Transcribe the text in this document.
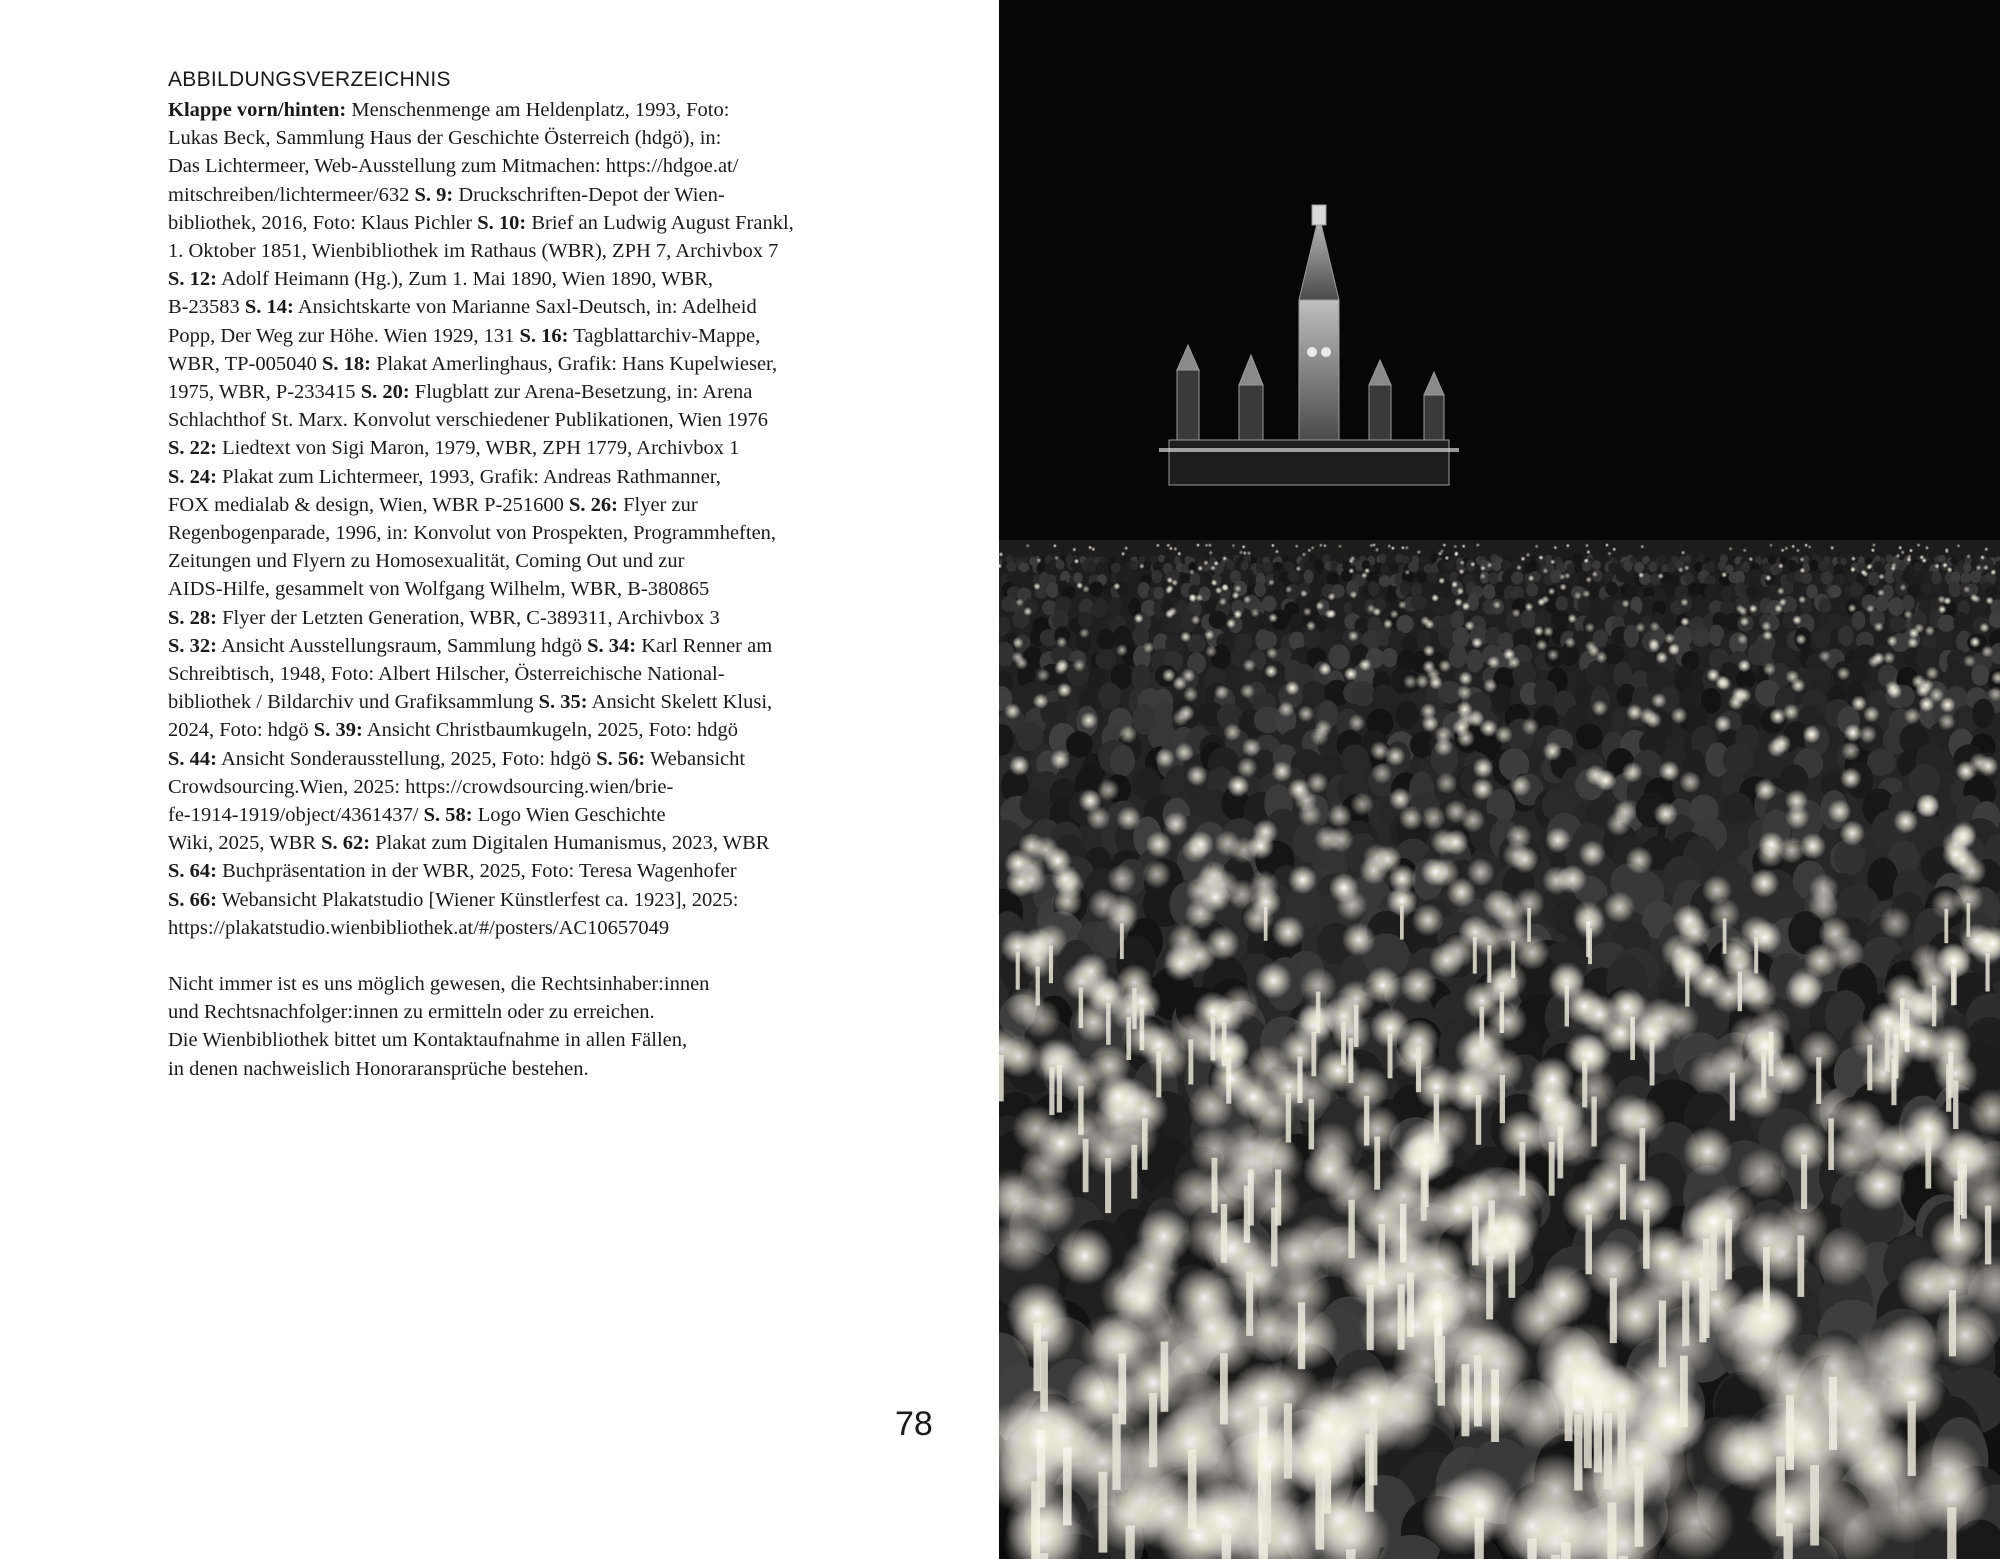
ABBILDUNGSVERZEICHNIS
Klappe vorn/hinten: Menschenmenge am Heldenplatz, 1993, Foto:
Lukas Beck, Sammlung Haus der Geschichte Österreich (hdgö), in:
Das Lichtermeer, Web-Ausstellung zum Mitmachen: https://hdgoe.at/
mitschreiben/lichtermeer/632 S. 9: Druckschriften-Depot der Wien-
bibliothek, 2016, Foto: Klaus Pichler S. 10: Brief an Ludwig August Frankl,
1. Oktober 1851, Wienbibliothek im Rathaus (WBR), ZPH 7, Archivbox 7
S. 12: Adolf Heimann (Hg.), Zum 1. Mai 1890, Wien 1890, WBR,
B-23583 S. 14: Ansichtskarte von Marianne Saxl-Deutsch, in: Adelheid
Popp, Der Weg zur Höhe. Wien 1929, 131 S. 16: Tagblattarchiv-Mappe,
WBR, TP-005040 S. 18: Plakat Amerlinghaus, Grafik: Hans Kupelwieser,
1975, WBR, P-233415 S. 20: Flugblatt zur Arena-Besetzung, in: Arena
Schlachthof St. Marx. Konvolut verschiedener Publikationen, Wien 1976
S. 22: Liedtext von Sigi Maron, 1979, WBR, ZPH 1779, Archivbox 1
S. 24: Plakat zum Lichtermeer, 1993, Grafik: Andreas Rathmanner,
FOX medialab & design, Wien, WBR P-251600 S. 26: Flyer zur
Regenbogenparade, 1996, in: Konvolut von Prospekten, Programmheften,
Zeitungen und Flyern zu Homosexualität, Coming Out und zur
AIDS-Hilfe, gesammelt von Wolfgang Wilhelm, WBR, B-380865
S. 28: Flyer der Letzten Generation, WBR, C-389311, Archivbox 3
S. 32: Ansicht Ausstellungsraum, Sammlung hdgö S. 34: Karl Renner am
Schreibtisch, 1948, Foto: Albert Hilscher, Österreichische National-
bibliothek / Bildarchiv und Grafiksammlung S. 35: Ansicht Skelett Klusi,
2024, Foto: hdgö S. 39: Ansicht Christbaumkugeln, 2025, Foto: hdgö
S. 44: Ansicht Sonderausstellung, 2025, Foto: hdgö S. 56: Webansicht
Crowdsourcing.Wien, 2025: https://crowdsourcing.wien/brie-
fe-1914-1919/object/4361437/ S. 58: Logo Wien Geschichte
Wiki, 2025, WBR S. 62: Plakat zum Digitalen Humanismus, 2023, WBR
S. 64: Buchpräsentation in der WBR, 2025, Foto: Teresa Wagenhofer
S. 66: Webansicht Plakatstudio [Wiener Künstlerfest ca. 1923], 2025:
https://plakatstudio.wienbibliothek.at/#/posters/AC10657049
Nicht immer ist es uns möglich gewesen, die Rechtsinhaber:innen
und Rechtsnachfolger:innen zu ermitteln oder zu erreichen.
Die Wienbibliothek bittet um Kontaktaufnahme in allen Fällen,
in denen nachweislich Honoraransprüche bestehen.
78
